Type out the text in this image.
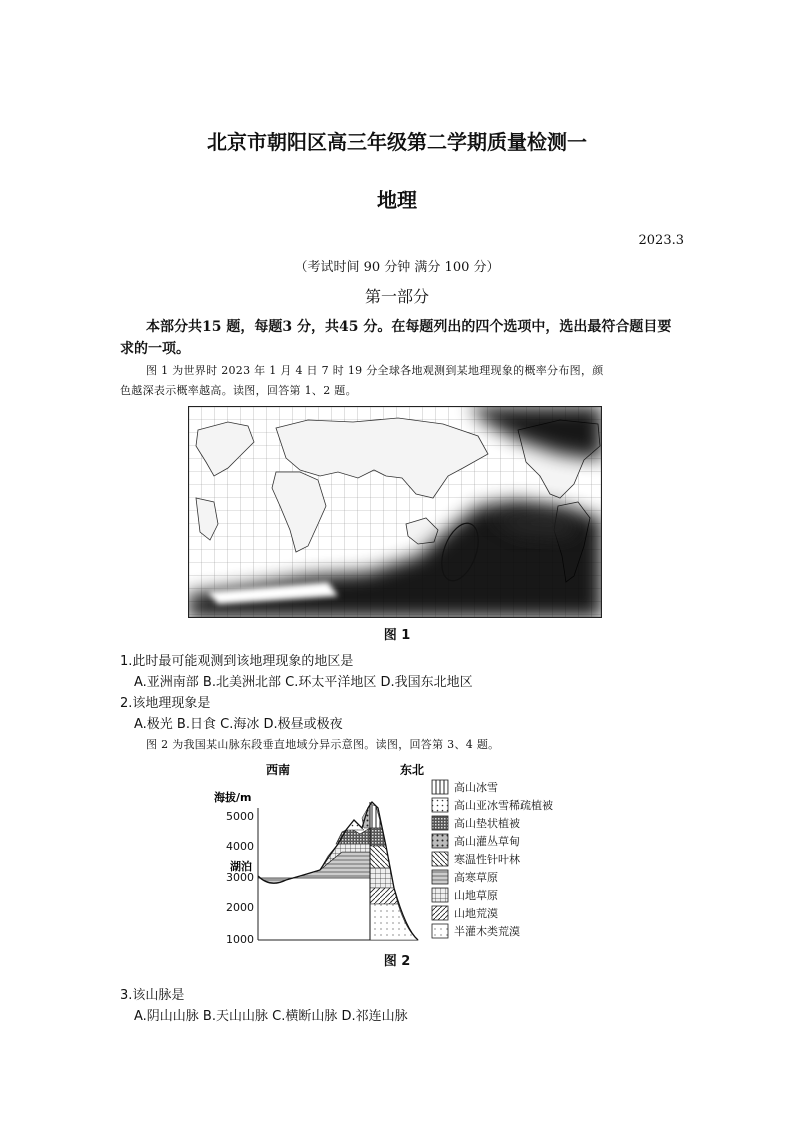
北京市朝阳区高三年级第二学期质量检测一
地理
2023.3
（考试时间 90 分钟 满分 100 分）
第一部分
本部分共15 题，每题3 分，共45 分。在每题列出的四个选项中，选出最符合题目要
求的一项。
图 1 为世界时 2023 年 1 月 4 日 7 时 19 分全球各地观测到某地理现象的概率分布图，颜
色越深表示概率越高。读图，回答第 1、2 题。
图 1
1.此时最可能观测到该地理现象的地区是
A.亚洲南部 B.北美洲北部 C.环太平洋地区 D.我国东北地区
2.该地理现象是
A.极光 B.日食 C.海冰 D.极昼或极夜
图 2 为我国某山脉东段垂直地域分异示意图。读图，回答第 3、4 题。
5000
4000
3000
2000
1000
海拔/m
西南	东北
湖泊
高山冰雪
高山亚冰雪稀疏植被
高山垫状植被
高山灌丛草甸
寒温性针叶林
高寒草原
山地草原
山地荒漠
半灌木类荒漠
图 2
3.该山脉是
A.阴山山脉 B.天山山脉 C.横断山脉 D.祁连山脉
